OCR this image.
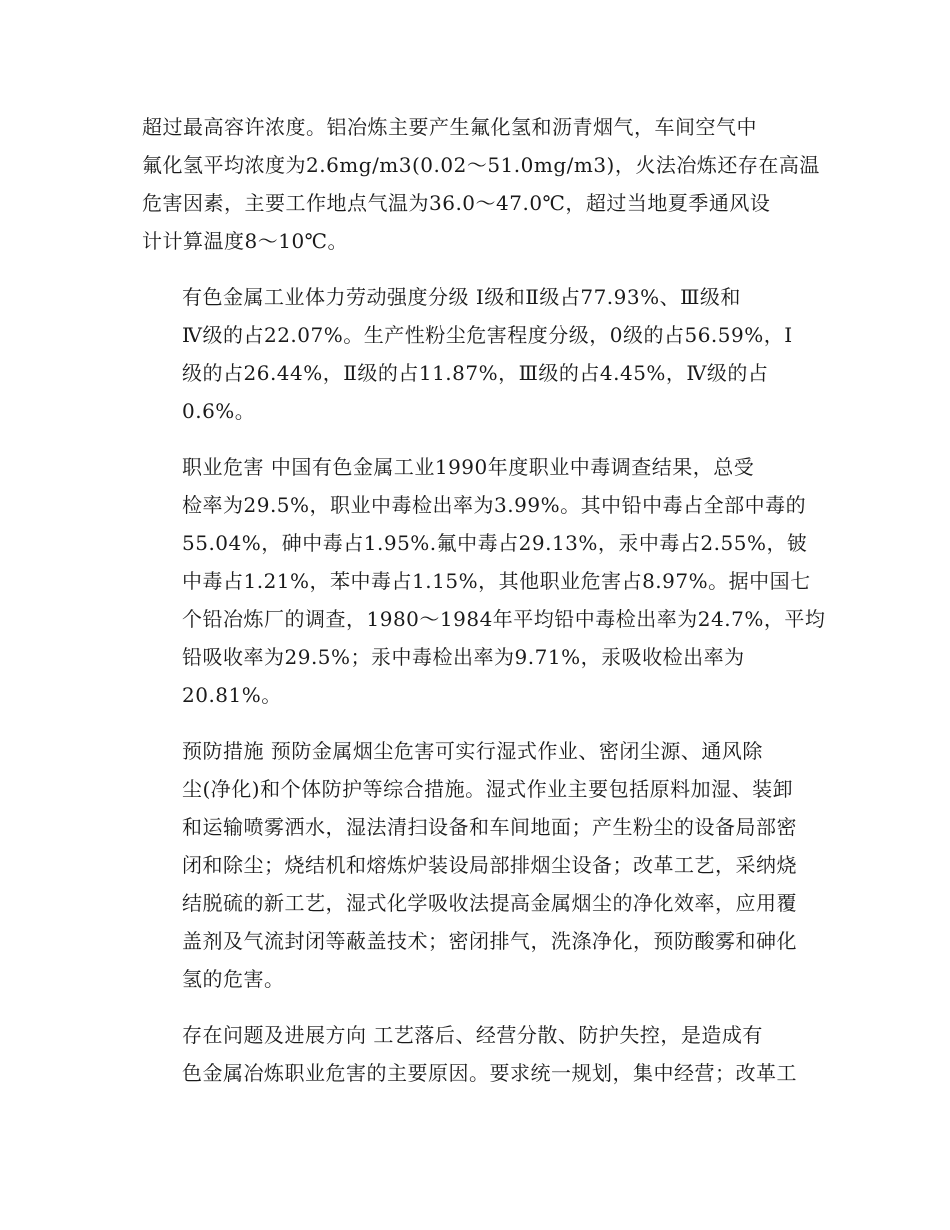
超过最高容许浓度。铝冶炼主要产生氟化氢和沥青烟气，车间空气中
氟化氢平均浓度为2.6mg/m3(0.02～51.0mg/m3)，火法冶炼还存在高温
危害因素，主要工作地点气温为36.0～47.0℃，超过当地夏季通风设
计计算温度8～10℃。

有色金属工业体力劳动强度分级 Ⅰ级和Ⅱ级占77.93%、Ⅲ级和
Ⅳ级的占22.07%。生产性粉尘危害程度分级，0级的占56.59%，Ⅰ
级的占26.44%，Ⅱ级的占11.87%，Ⅲ级的占4.45%，Ⅳ级的占
0.6%。

职业危害 中国有色金属工业1990年度职业中毒调查结果，总受
检率为29.5%，职业中毒检出率为3.99%。其中铅中毒占全部中毒的
55.04%，砷中毒占1.95%.氟中毒占29.13%，汞中毒占2.55%，铍
中毒占1.21%，苯中毒占1.15%，其他职业危害占8.97%。据中国七
个铅冶炼厂的调查，1980～1984年平均铅中毒检出率为24.7%，平均
铅吸收率为29.5%；汞中毒检出率为9.71%，汞吸收检出率为
20.81%。

预防措施 预防金属烟尘危害可实行湿式作业、密闭尘源、通风除
尘(净化)和个体防护等综合措施。湿式作业主要包括原料加湿、装卸
和运输喷雾洒水，湿法清扫设备和车间地面；产生粉尘的设备局部密
闭和除尘；烧结机和熔炼炉装设局部排烟尘设备；改革工艺，采纳烧
结脱硫的新工艺，湿式化学吸收法提高金属烟尘的净化效率，应用覆
盖剂及气流封闭等蔽盖技术；密闭排气，洗涤净化，预防酸雾和砷化
氢的危害。

存在问题及进展方向 工艺落后、经营分散、防护失控，是造成有
色金属冶炼职业危害的主要原因。要求统一规划，集中经营；改革工
